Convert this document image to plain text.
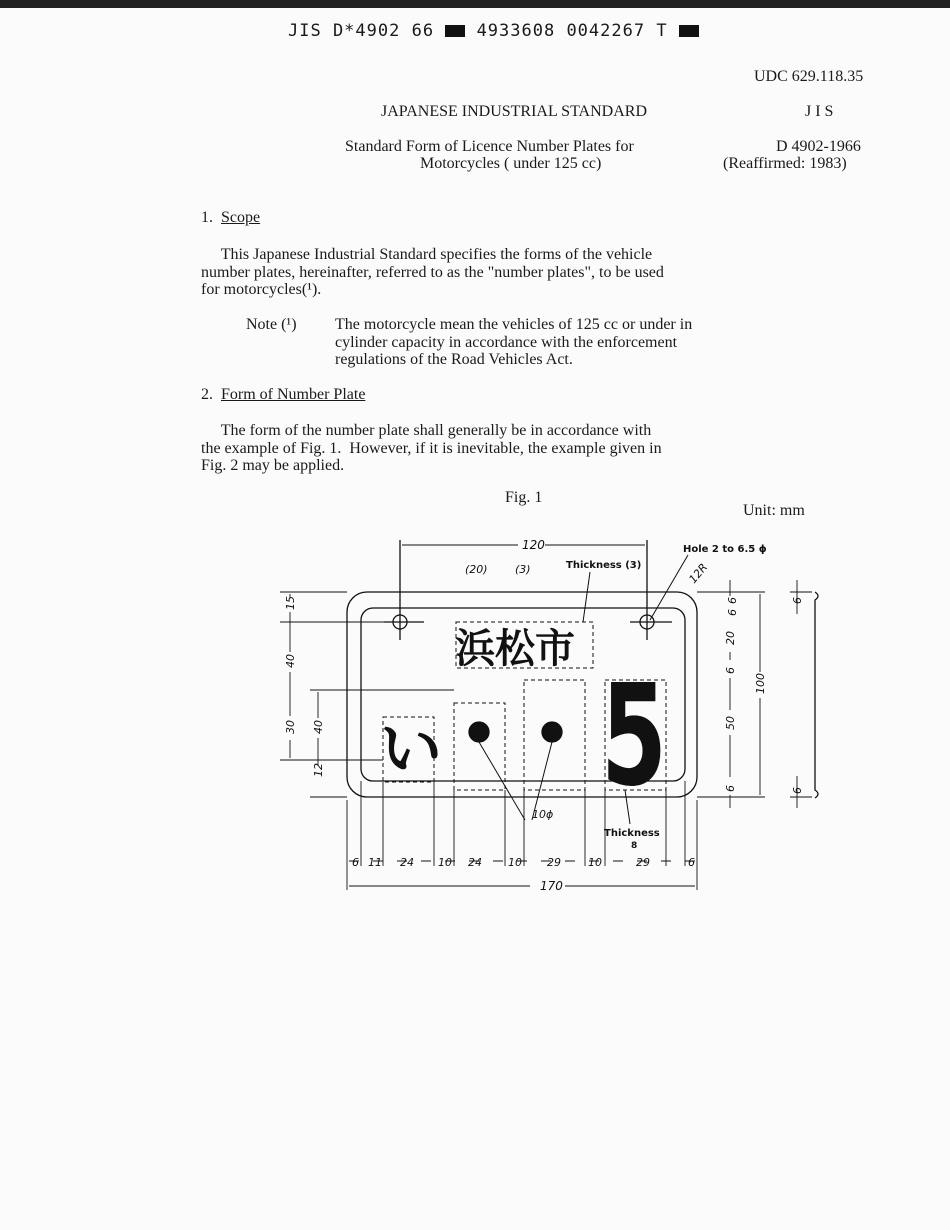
JIS D*4902 66	4933608 0042267 T
UDC 629.118.35
JAPANESE INDUSTRIAL STANDARD	J I S
Standard Form of Licence Number Plates for
Motorcycles ( under 125 cc)
D 4902-1966
(Reaffirmed: 1983)
1. Scope
This Japanese Industrial Standard specifies the forms of the vehicle
number plates, hereinafter, referred to as the "number plates", to be used
for motorcycles(¹).
Note (¹) The motorcycle mean the vehicles of 125 cc or under in
cylinder capacity in accordance with the enforcement
regulations of the Road Vehicles Act.
2. Form of Number Plate
The form of the number plate shall generally be in accordance with
the example of Fig. 1.  However, if it is inevitable, the example given in
Fig. 2 may be applied.
Fig. 1
Unit: mm
浜松市
い 5
120
(20) (3)	Thickness (3)
Hole 2 to 6.5 ϕ
12R
15
40
30 40
12
6
6
20
6
50
6
100
6
6
10ϕ
Thickness
8
170
6 11 24 10 24 10 29 10	29	6
